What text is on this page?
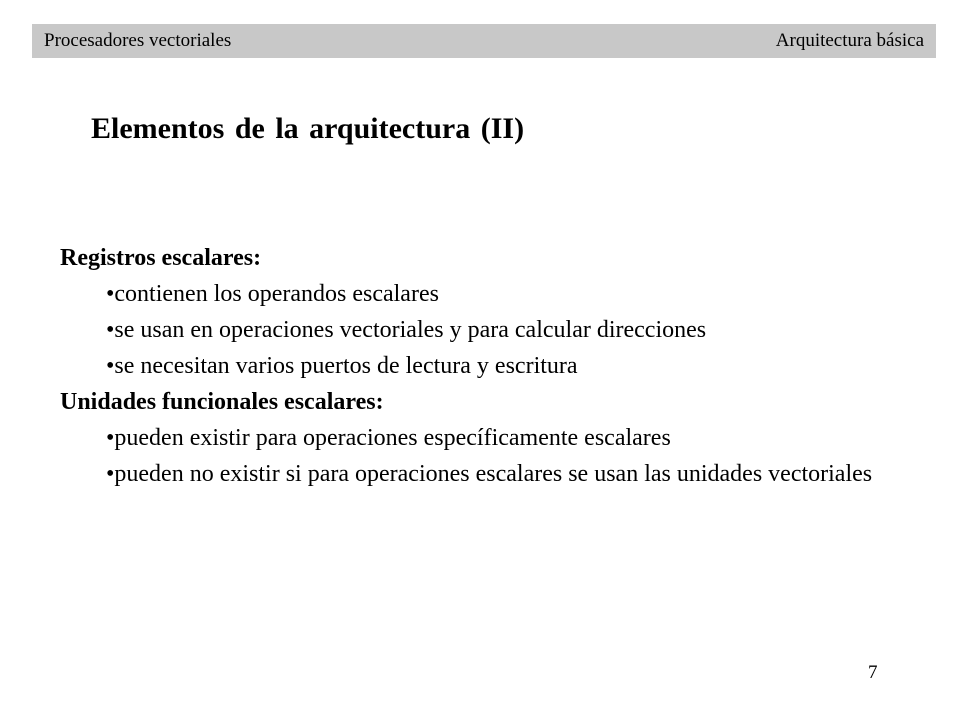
Procesadores vectoriales	Arquitectura básica
Elementos de la arquitectura (II)
Registros escalares:
•contienen los operandos escalares
•se usan en operaciones vectoriales y para calcular direcciones
•se necesitan varios puertos de lectura y escritura
Unidades funcionales escalares:
•pueden existir para operaciones específicamente escalares
•pueden no existir si para operaciones escalares se usan las unidades vectoriales
7
